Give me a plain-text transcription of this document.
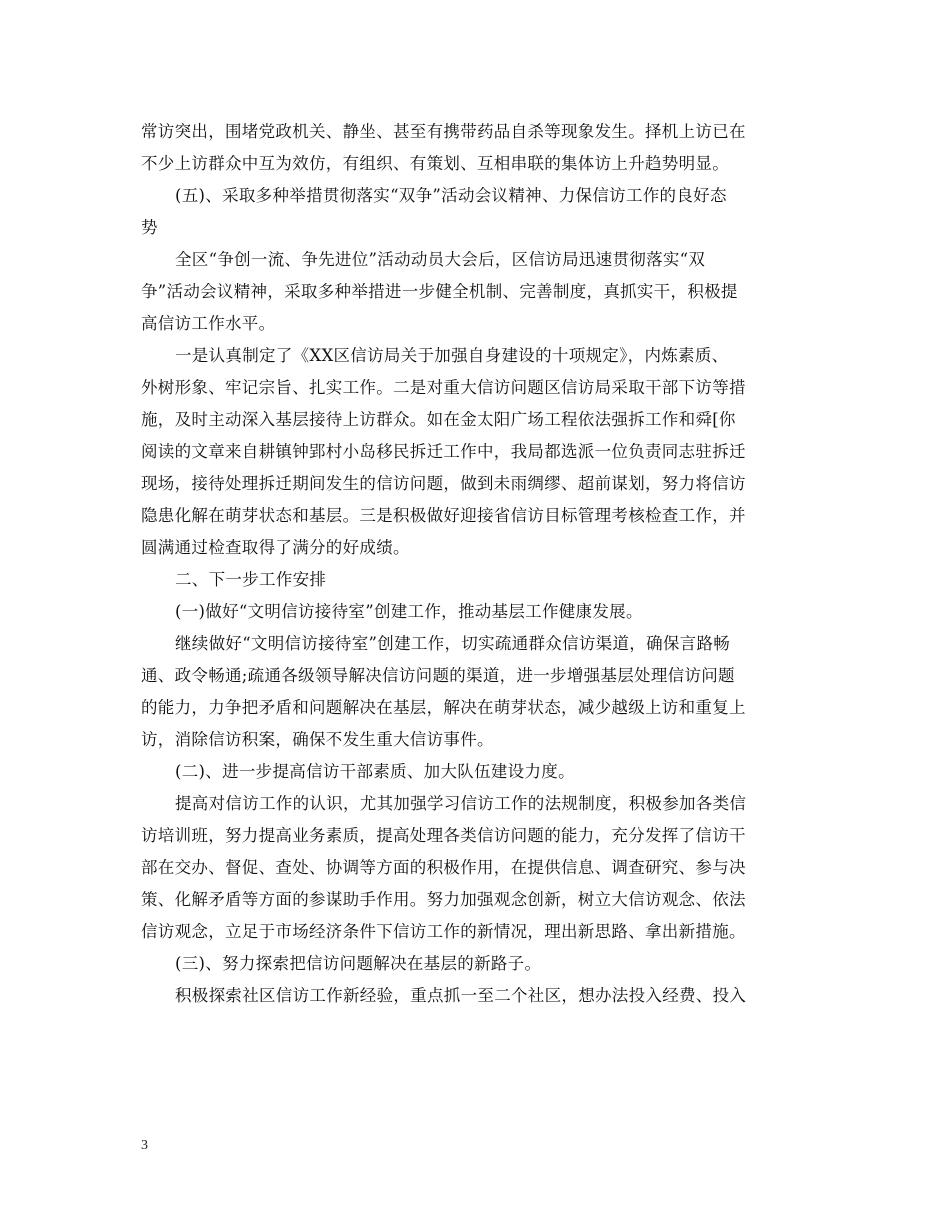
常访突出，围堵党政机关、静坐、甚至有携带药品自杀等现象发生。择机上访已在
不少上访群众中互为效仿，有组织、有策划、互相串联的集体访上升趋势明显。
(五)、采取多种举措贯彻落实“双争”活动会议精神、力保信访工作的良好态
势
全区“争创一流、争先进位”活动动员大会后，区信访局迅速贯彻落实“双
争”活动会议精神，采取多种举措进一步健全机制、完善制度，真抓实干，积极提
高信访工作水平。
一是认真制定了《XX区信访局关于加强自身建设的十项规定》，内炼素质、
外树形象、牢记宗旨、扎实工作。二是对重大信访问题区信访局采取干部下访等措
施，及时主动深入基层接待上访群众。如在金太阳广场工程依法强拆工作和舜[你
阅读的文章来自耕镇钟郢村小岛移民拆迁工作中，我局都选派一位负责同志驻拆迁
现场，接待处理拆迁期间发生的信访问题，做到未雨绸缪、超前谋划，努力将信访
隐患化解在萌芽状态和基层。三是积极做好迎接省信访目标管理考核检查工作，并
圆满通过检查取得了满分的好成绩。
二、下一步工作安排
(一)做好“文明信访接待室”创建工作，推动基层工作健康发展。
继续做好“文明信访接待室”创建工作，切实疏通群众信访渠道，确保言路畅
通、政令畅通;疏通各级领导解决信访问题的渠道，进一步增强基层处理信访问题
的能力，力争把矛盾和问题解决在基层，解决在萌芽状态，减少越级上访和重复上
访，消除信访积案，确保不发生重大信访事件。
(二)、进一步提高信访干部素质、加大队伍建设力度。
提高对信访工作的认识，尤其加强学习信访工作的法规制度，积极参加各类信
访培训班，努力提高业务素质，提高处理各类信访问题的能力，充分发挥了信访干
部在交办、督促、查处、协调等方面的积极作用，在提供信息、调查研究、参与决
策、化解矛盾等方面的参谋助手作用。努力加强观念创新，树立大信访观念、依法
信访观念，立足于市场经济条件下信访工作的新情况，理出新思路、拿出新措施。
(三)、努力探索把信访问题解决在基层的新路子。
积极探索社区信访工作新经验，重点抓一至二个社区，想办法投入经费、投入
3
